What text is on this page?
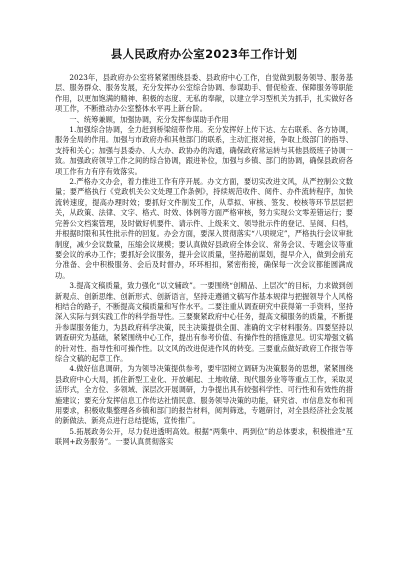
县人民政府办公室2023年工作计划

2023年，县政府办公室将紧紧围绕县委、县政府中心工作，自觉做到服务领导、服务基层、服务群众、服务发展，充分发挥办公室综合协调、参谋助手、督促检查、保障服务等职能作用，以更加饱满的精神、积极的态度、无私的奉献，以建立学习型机关为抓手，扎实做好各项工作，不断推动办公室整体水平再上新台阶。

一、统筹兼顾，加强协调，充分发挥参谋助手作用

1.加强综合协调，全力赶到桥梁纽带作用。充分发挥好上传下达、左右联系、各方协调，服务全局的作用。加强与市政府办和其他部门的联系，主动汇报对接，争取上级部门的指导、支持和关心；加强与县委办、人大办、政协办的沟通，确保政府常运转与其他县级班子协调一致。加强政府领导工作之间的综合协调，跟进补位，加强与乡镇、部门的协调，确保县政府各项工作有力有序有效落实。

2.严格办文办会，着力推进工作有序开展。办文方面，要切实改进文风，从严控制公文数量；要严格执行《党政机关公文处理工作条例》，持续规范收件、阅件、办件流转程序，加快流转速度，提高办理时效；要抓好文件制发工作，从草拟、审核、签发、校核等环节层层把关，从政策、法律、文字、格式、时效、体例等方面严格审核，努力实现公文零差错运行；要完善公文档案管理，及时做好机要件、请示件、上级来文、领导批示件的登记、呈阅、归档，并根据时限和其性批示件的回复。办会方面，要深入贯彻落实“八项规定”，严格执行会议审批制度，减少会议数量，压缩会议规模；要认真做好县政府全体会议、常务会议、专题会议等重要会议的承办工作；要抓好会议服务，提升会议质量，坚持超前谋划，提早介入，做到会前充分准备、会中积极服务、会后及时督办，环环相扣，紧密衔接，确保每一次会议都能圆满成功。

3.提高文稿质量，致力强化“以文辅政”。一要围绕“创精品、上层次”的目标，力求做到创新观点、创新思维、创新形式、创新语言，坚持走遵循文稿写作基本规律与把握领导个人风格相结合的路子，不断提高文稿质量和写作水平。二要注重从调查研究中获得第一手资料，坚持深入实际与到实践工作的科学指导性。三要聚紧政府中心任务，提高文稿服务的质量，不断提升参谋服务能力，为县政府科学决策，民主决策提供全面、准确的文字材料服务。四要坚持以调查研究为基础，紧紧围绕中心工作，提出有参考价值、有操作性的措施意见。切实增强文稿的针对性、指导性和可操作性。以文风的改进促进作风的转变。三要重点做好政府工作报告等综合文稿的起草工作。

4.做好信息调研，为为领导决策提供参考，要牢固树立调研为决策服务的思想，紧紧围绕县政府中心大局，抓住新型工业化、开放崛起、土地收储、现代服务业等等重点工作，采取灵活形式，全方位、多领域、深层次开展调研，力争提出具有较强科学性、可行性和有效性的措施建议；要充分发挥信息工作传达社情民意、服务领导决策的功能，研究省、市信息发布和刊用要求，积极收集整理各乡镇和部门的报告材料，阅判筛选，专题研讨，对全县经济社会发展的新做法、新亮点进行总结提炼，宣传推广。

5.拓展政务公开，尽力促进透明高效。根据“两集中、两到位”的总体要求，积极推进“互联网+政务服务”。一要认真贯彻落实
